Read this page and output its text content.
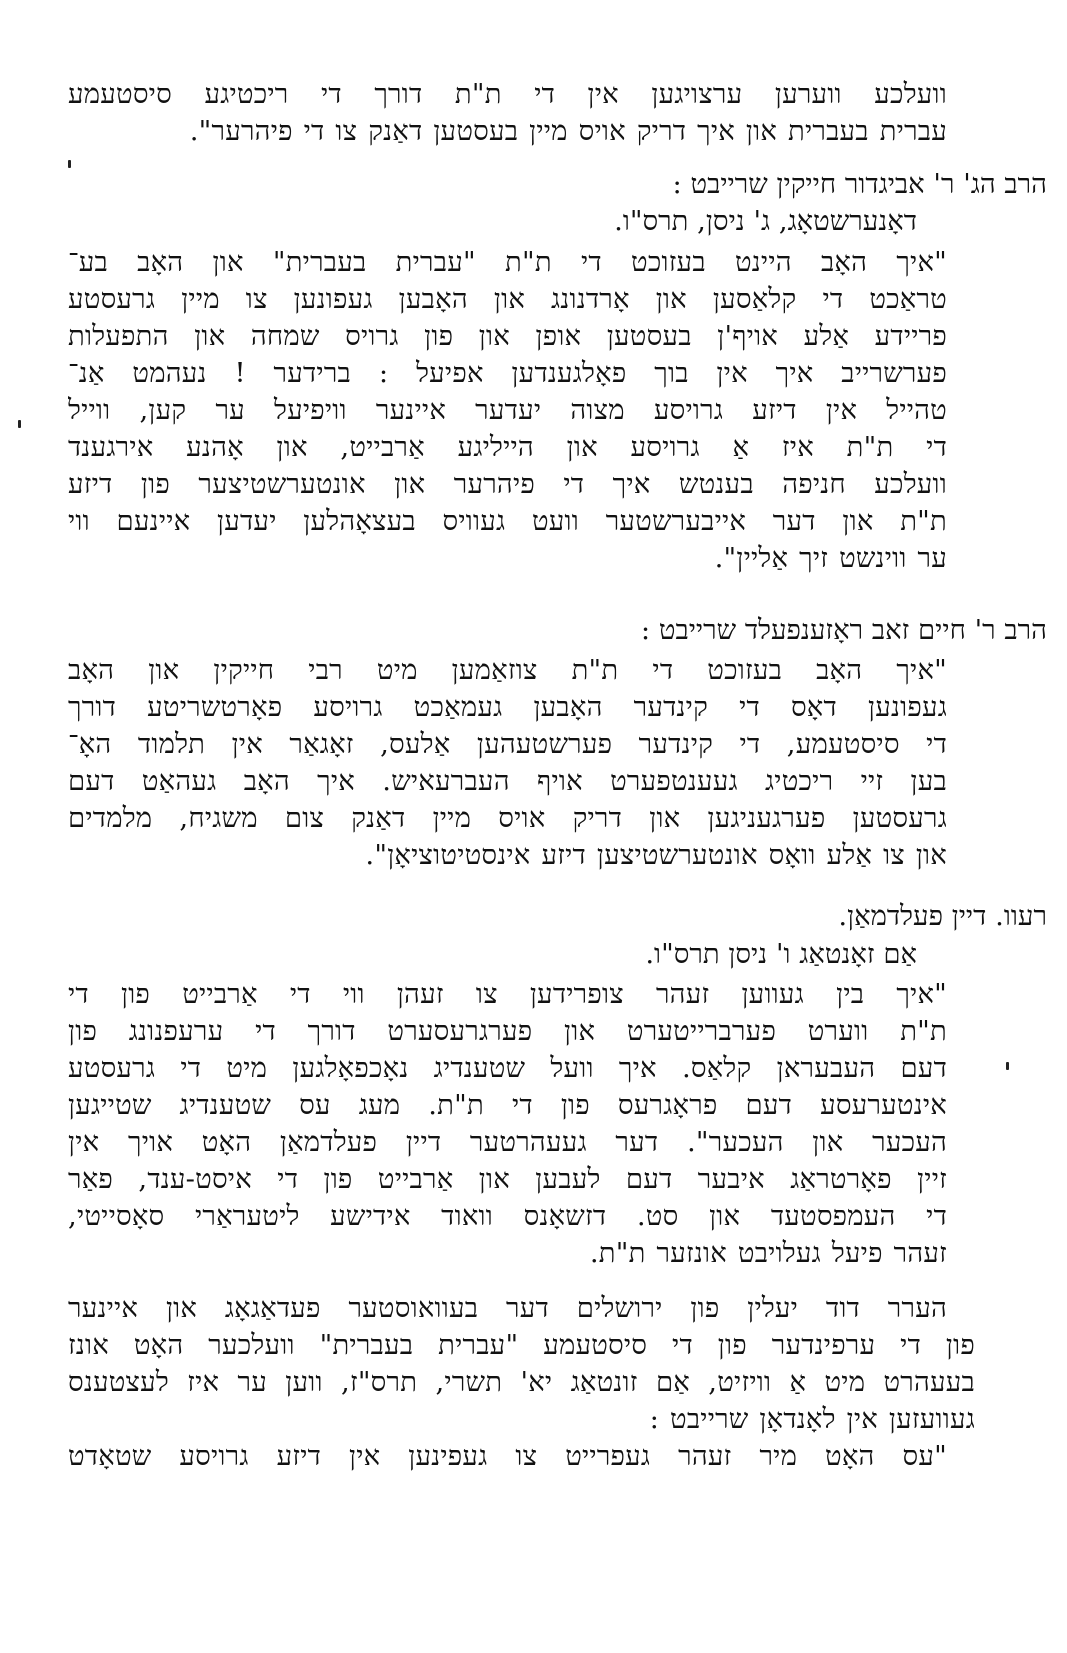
וועלכע ווערען ערצויגען אין די ת"ת דורך די ריכטיגע סיסטעמע
עברית בעברית און איך דריק אויס מיין בעסטען דאַנק צו די פיהרער".
הרב הג' ר' אביגדור חייקין שרייבט :
דאָנערשטאָג, ג' ניסן, תרס"ו.
"איך האָב היינט בעזוכט די ת"ת "עברית בעברית" און האָב בע־
טראַכט די קלאַסען און אָרדנונג און האָבען געפונען צו מיין גרעסטע
פריידע אַלע אויף'ן בעסטען אופן און פון גרויס שמחה און התפעלות
פערשרייב איך אין בוך פאָלגענדען אפיעל : ברידער ! נעהמט אַנ־
טהייל אין דיזע גרויסע מצוה יעדער איינער וויפיעל ער קען, ווייל
די ת"ת איז אַ גרויסע און הייליגע אַרבייט, און אָהנע אירגענד
וועלכע חניפה בענטש איך די פיהרער און אונטערשטיצער פון דיזע
ת"ת און דער אייבערשטער וועט געוויס בעצאָהלען יעדען איינעם ווי
ער ווינשט זיך אַליין".
הרב ר' חיים זאב ראָזענפעלד שרייבט :
"איך האָב בעזוכט די ת"ת צוזאַמען מיט רבי חייקין און האָב
געפונען דאָס די קינדער האָבען געמאַכט גרויסע פאָרטשריטע דורך
די סיסטעמע, די קינדער פערשטעהען אַלעס, זאָגאַר אין תלמוד האָ־
בען זיי ריכטיג געענטפערט אויף העברעאיש. איך האָב געהאַט דעם
גרעסטען פערגעניגען און דריק אויס מיין דאַנק צום משגיח, מלמדים
און צו אַלע וואָס אונטערשטיצען דיזע אינסטיטוציאָן".
רעוו. דיין פעלדמאַן.
אַם זאָנטאַג ו' ניסן תרס"ו.
"איך בין געווען זעהר צופרידען צו זעהן ווי די אַרבייט פון די
ת"ת ווערט פערברייטערט און פערגרעסערט דורך די ערעפנונג פון
דעם העבעראן קלאַס. איך וועל שטענדיג נאָכפאָלגען מיט די גרעסטע
אינטערעסע דעם פראָגרעס פון די ת"ת. מעג עס שטענדיג שטייגען
העכער און העכער". דער געעהרטער דיין פעלדמאַן האָט אויך אין
זיין פאָרטראַג איבער דעם לעבען און אַרבייט פון די איסט-ענד, פאַר
די העמפסטעד און סט. דזשאָנס וואוד אידישע ליטעראַרי סאָסייטי,
זעהר פיעל געלויבט אונזער ת"ת.
הערר דוד יעלין פון ירושלים דער בעוואוסטער פעדאַגאָג און איינער
פון די ערפינדער פון די סיסטעמע "עברית בעברית" וועלכער האָט אונז
בעעהרט מיט אַ וויזיט, אַם זונטאַג יא' תשרי, תרס"ז, ווען ער איז לעצטענס
געוועזען אין לאָנדאָן שרייבט :
"עס האָט מיר זעהר געפרייט צו געפינען אין דיזע גרויסע שטאָדט
